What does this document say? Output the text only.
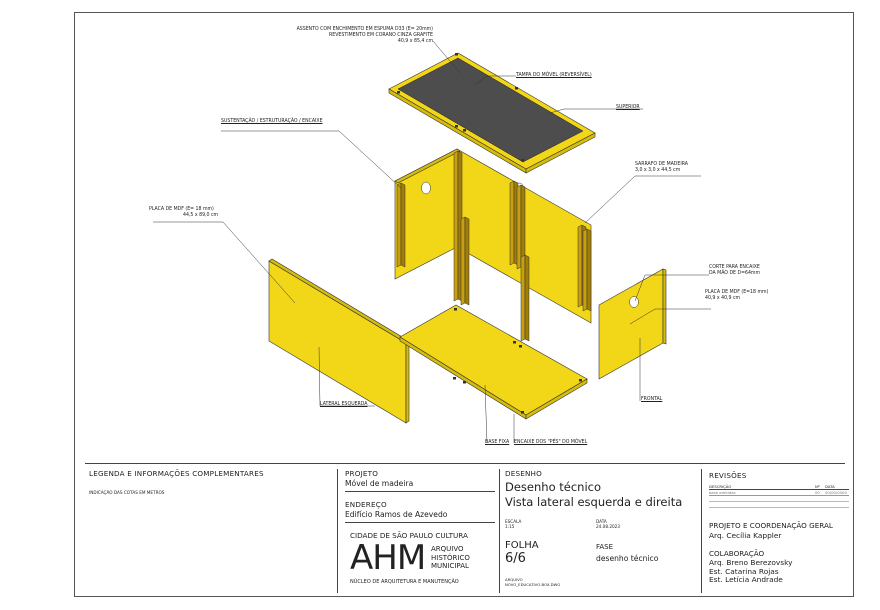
ASSENTO COM ENCHIMENTO EM ESPUMA D33 (E= 20mm)
REVESTIMENTO EM CORANO CINZA GRAFITE
40,9 x 85,4 cm
TAMPA DO MÓVEL (REVERSÍVEL)
SUPERIOR
SUSTENTAÇÃO / ESTRUTURAÇÃO / ENCAIXE
SARRAFO DE MADEIRA
3,0 x 3,0 x 44,5 cm
PLACA DE MDF (E= 18 mm)
44,5 x 89,0 cm
CORTE PARA ENCAIXE
DA MÃO DE D=64mm
PLACA DE MDF (E=18 mm)
40,9 x 40,9 cm
LATERAL ESQUERDA
FRONTAL
BASE FIXA ENCAIXE DOS "PÉS" DO MÓVEL
LEGENDA E INFORMAÇÕES COMPLEMENTARES
INDICAÇÃO DAS COTAS EM METROS
PROJETO
Móvel de madeira
ENDEREÇO
Edifício Ramos de Azevedo
CIDADE DE SÃO PAULO CULTURA
AHM ARQUIVO
HISTÓRICO
MUNICIPAL
NÚCLEO DE ARQUITETURA E MANUTENÇÃO
DESENHO
Desenho técnico
Vista lateral esquerda e direita
ESCALA
1:15
DATA
24.08.2023
FOLHA
6/6
FASE
desenho técnico
ARQUIVO
NOVO_EDUCATIVO-BOX.DWG
REVISÕES
DESCRIÇÃO	Nº	DATA
base emitidas	00	00/00/0000
PROJETO E COORDENAÇÃO GERAL
Arq. Cecília Kappler
COLABORAÇÃO
Arq. Breno Berezovsky
Est. Catarina Rojas
Est. Letícia Andrade
